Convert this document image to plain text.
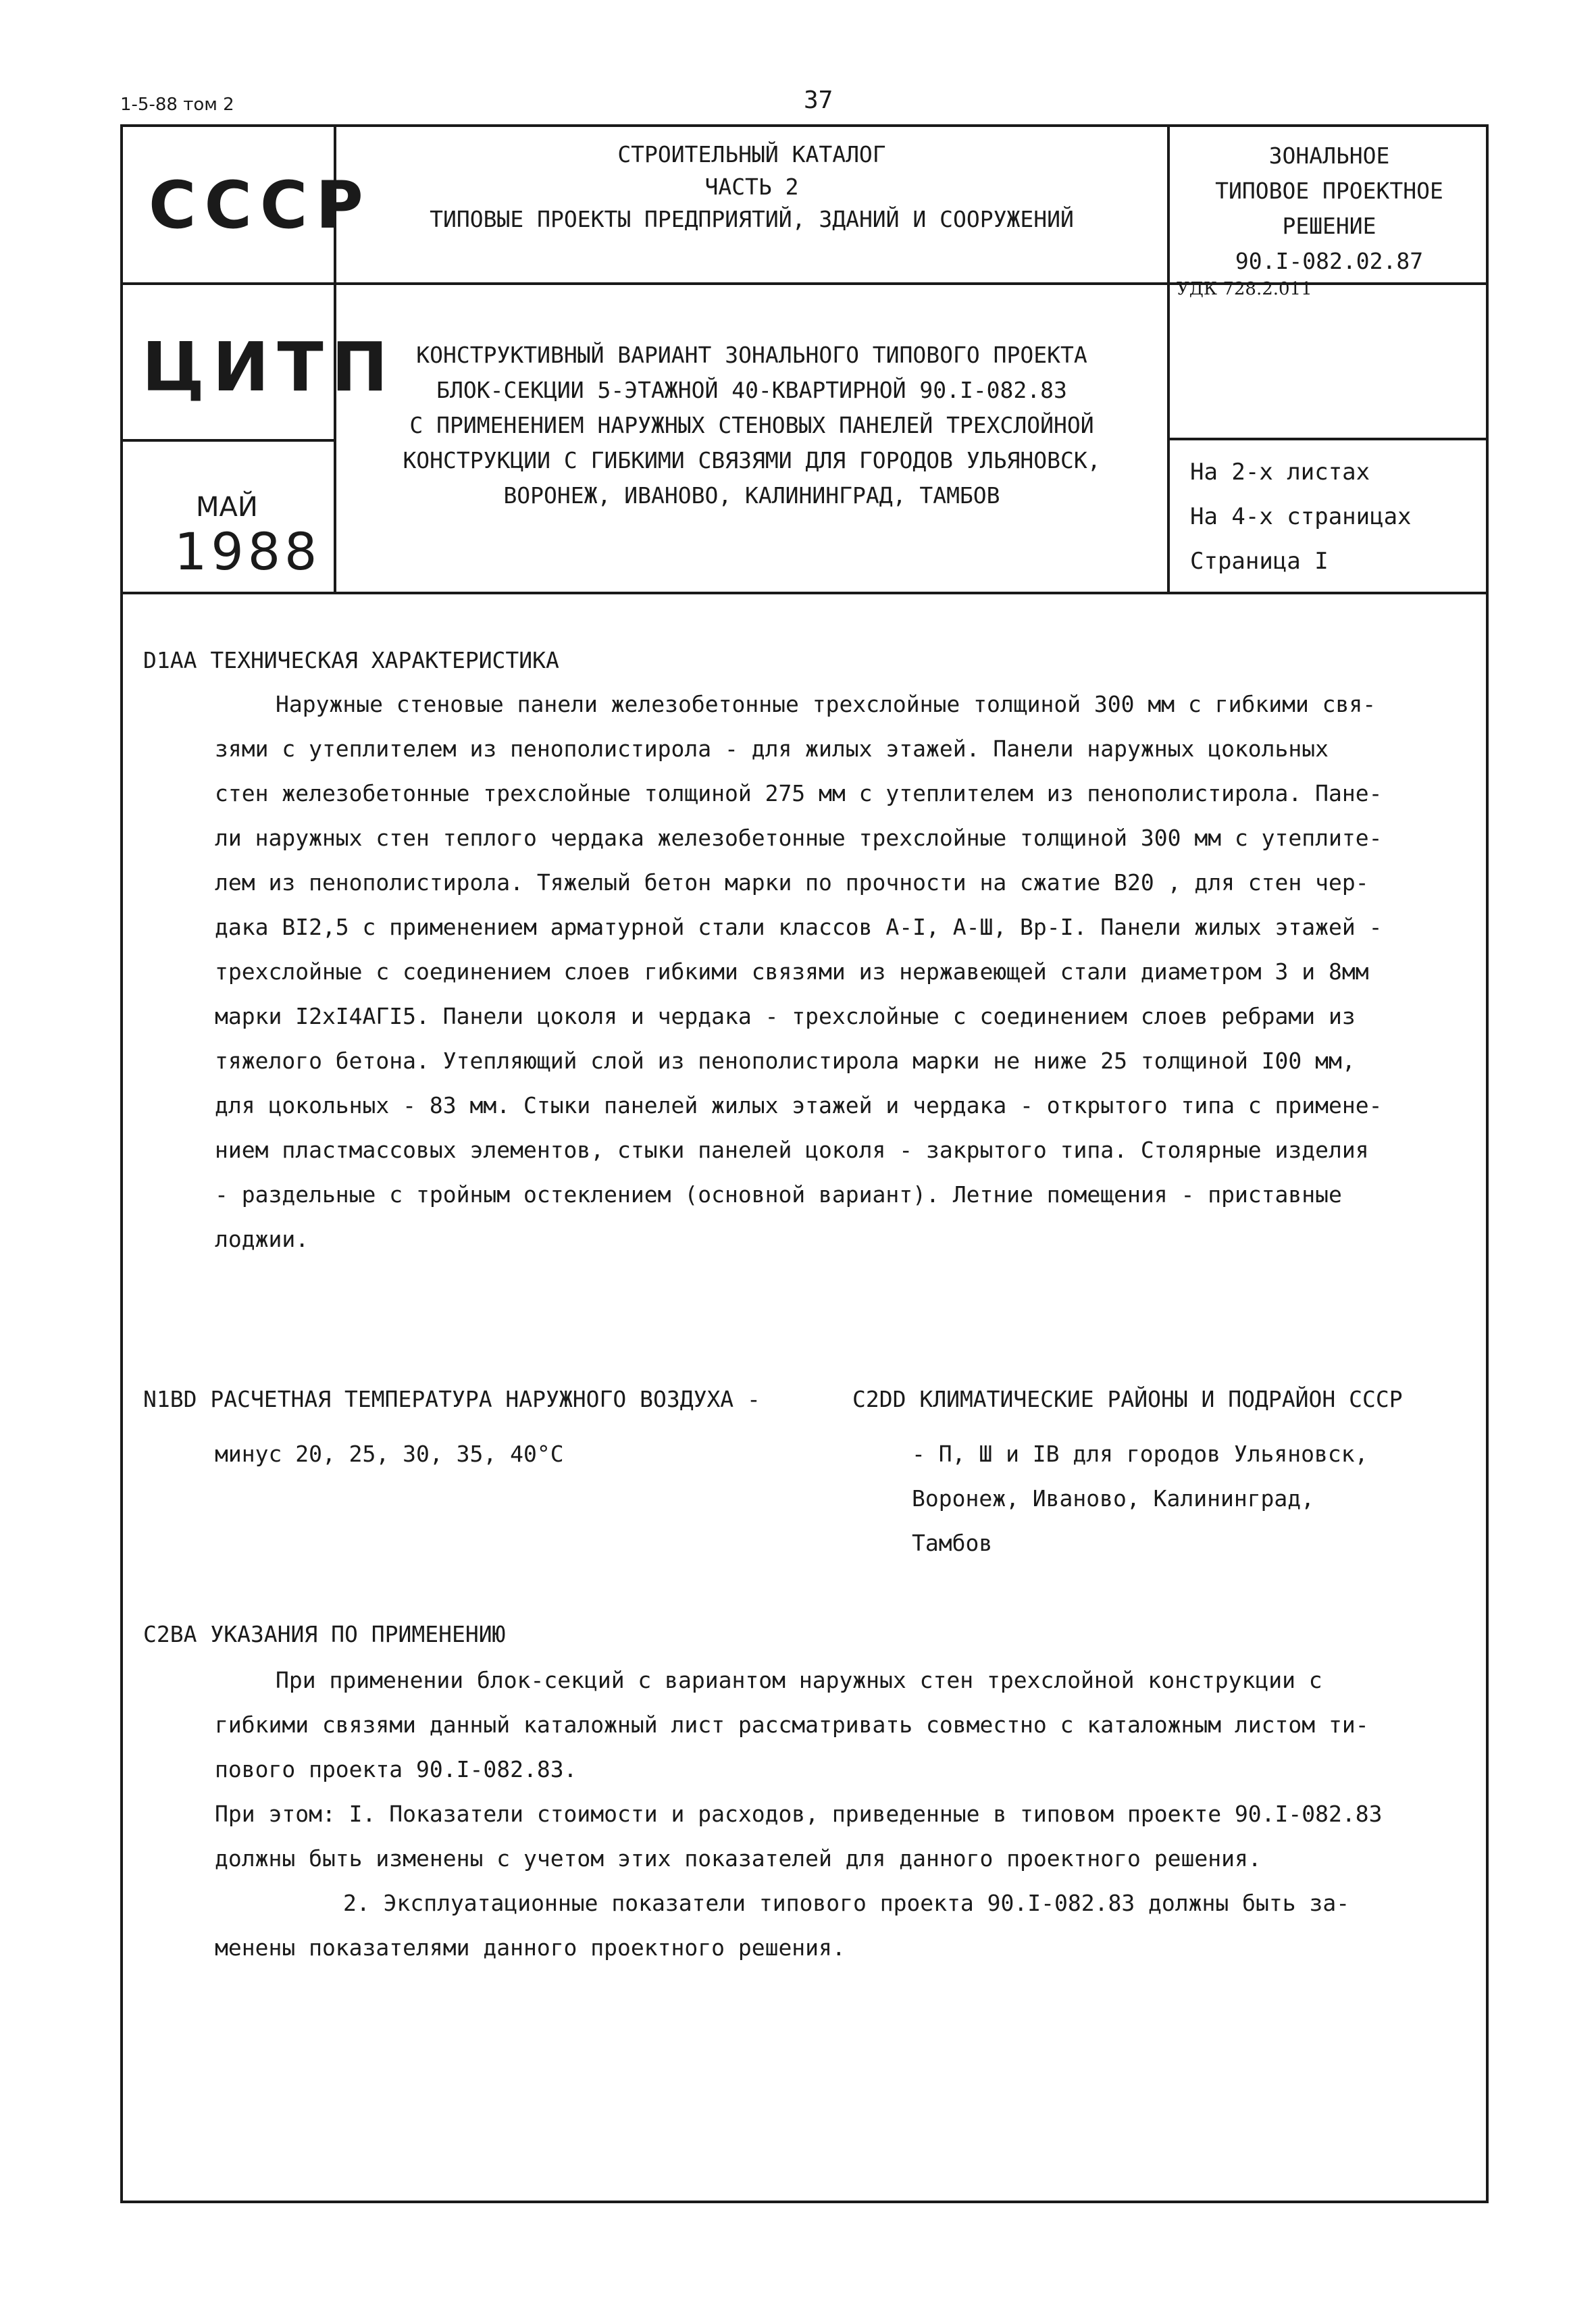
1-5-88 том 2	37
СССР
ЦИТП
МАЙ
1988
СТРОИТЕЛЬНЫЙ КАТАЛОГ
ЧАСТЬ 2
ТИПОВЫЕ ПРОЕКТЫ ПРЕДПРИЯТИЙ, ЗДАНИЙ И СООРУЖЕНИЙ
КОНСТРУКТИВНЫЙ ВАРИАНТ ЗОНАЛЬНОГО ТИПОВОГО ПРОЕКТА
БЛОК-СЕКЦИИ 5-ЭТАЖНОЙ 40-КВАРТИРНОЙ 90.I-082.83
С ПРИМЕНЕНИЕМ НАРУЖНЫХ СТЕНОВЫХ ПАНЕЛЕЙ ТРЕХСЛОЙНОЙ
КОНСТРУКЦИИ С ГИБКИМИ СВЯЗЯМИ ДЛЯ ГОРОДОВ УЛЬЯНОВСК,
ВОРОНЕЖ, ИВАНОВО, КАЛИНИНГРАД, ТАМБОВ
ЗОНАЛЬНОЕ
ТИПОВОЕ ПРОЕКТНОЕ
РЕШЕНИЕ
90.I-082.02.87
УДК 728.2.011
На 2-х листах
На 4-х страницах
Страница I
D1AA ТЕХНИЧЕСКАЯ ХАРАКТЕРИСТИКА
Наружные стеновые панели железобетонные трехслойные толщиной 300 мм с гибкими свя-
зями с утеплителем из пенополистирола - для жилых этажей. Панели наружных цокольных
стен железобетонные трехслойные толщиной 275 мм с утеплителем из пенополистирола. Пане-
ли наружных стен теплого чердака железобетонные трехслойные толщиной 300 мм с утеплите-
лем из пенополистирола. Тяжелый бетон марки по прочности на сжатие В20 , для стен чер-
дака ВI2,5 с применением арматурной стали классов А-I, А-Ш, Вр-I. Панели жилых этажей -
трехслойные с соединением слоев гибкими связями из нержавеющей стали диаметром 3 и 8мм
марки I2хI4АГI5. Панели цоколя и чердака - трехслойные с соединением слоев ребрами из
тяжелого бетона. Утепляющий слой из пенополистирола марки не ниже 25 толщиной I00 мм,
для цокольных - 83 мм. Стыки панелей жилых этажей и чердака - открытого типа с примене-
нием пластмассовых элементов, стыки панелей цоколя - закрытого типа. Столярные изделия
- раздельные с тройным остеклением (основной вариант). Летние помещения - приставные
лоджии.
N1BD РАСЧЕТНАЯ ТЕМПЕРАТУРА НАРУЖНОГО ВОЗДУХА -
минус 20, 25, 30, 35, 40°С
C2DD КЛИМАТИЧЕСКИЕ РАЙОНЫ И ПОДРАЙОН СССР
- П, Ш и IВ для городов Ульяновск,
Воронеж, Иваново, Калининград,
Тамбов
C2BA УКАЗАНИЯ ПО ПРИМЕНЕНИЮ
При применении блок-секций с вариантом наружных стен трехслойной конструкции с
гибкими связями данный каталожный лист рассматривать совместно с каталожным листом ти-
пового проекта 90.I-082.83.
При этом: I. Показатели стоимости и расходов, приведенные в типовом проекте 90.I-082.83
должны быть изменены с учетом этих показателей для данного проектного решения.
2. Эксплуатационные показатели типового проекта 90.I-082.83 должны быть за-
менены показателями данного проектного решения.
